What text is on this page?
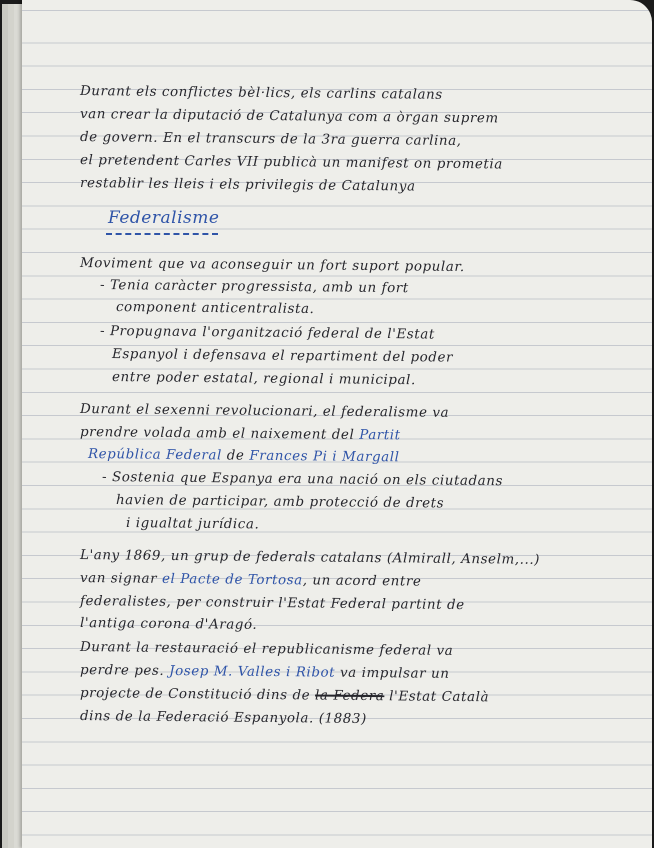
Durant els conflictes bèl·lics, els carlins catalans
van crear la diputació de Catalunya com a òrgan suprem
de govern. En el transcurs de la 3ra guerra carlina,
el pretendent Carles VII publicà un manifest on prometia
restablir les lleis i els privilegis de Catalunya
Federalisme
Moviment que va aconseguir un fort suport popular.
- Tenia caràcter progressista, amb un fort
component anticentralista.
- Propugnava l'organització federal de l'Estat
Espanyol i defensava el repartiment del poder
entre poder estatal, regional i municipal.
Durant el sexenni revolucionari, el federalisme va
prendre volada amb el naixement del Partit
República Federal de Frances Pi i Margall
- Sostenia que Espanya era una nació on els ciutadans
havien de participar, amb protecció de drets
i igualtat jurídica.
L'any 1869, un grup de federals catalans (Almirall, Anselm,...)
van signar el Pacte de Tortosa, un acord entre
federalistes, per construir l'Estat Federal partint de
l'antiga corona d'Aragó.
Durant la restauració el republicanisme federal va
perdre pes. Josep M. Valles i Ribot va impulsar un
projecte de Constitució dins de la Federa l'Estat Català
dins de la Federació Espanyola. (1883)
